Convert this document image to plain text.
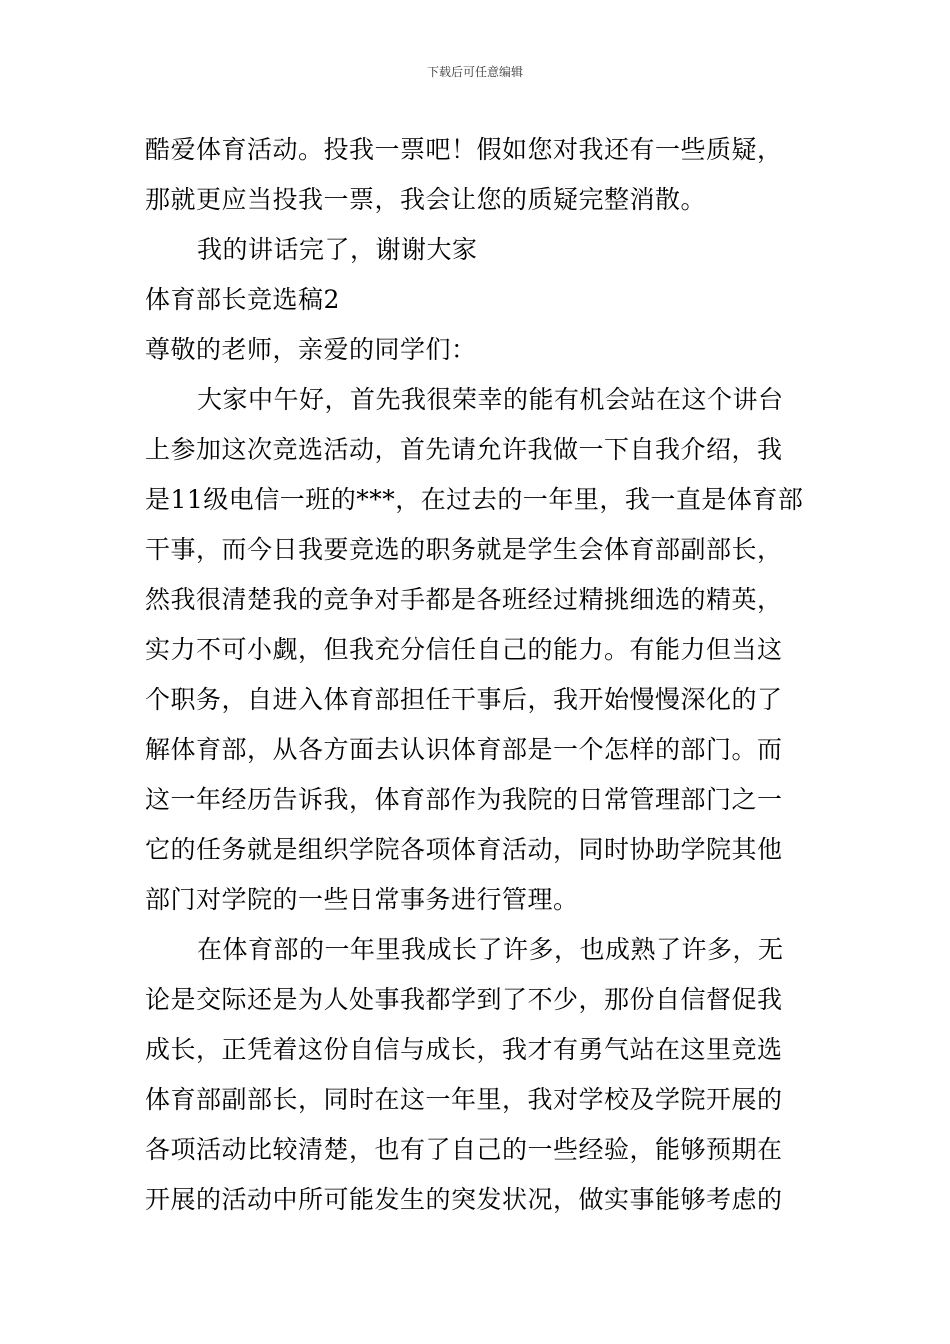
下载后可任意编辑
酷爱体育活动。投我一票吧！假如您对我还有一些质疑，
那就更应当投我一票，我会让您的质疑完整消散。
我的讲话完了，谢谢大家
体育部长竞选稿2
尊敬的老师，亲爱的同学们：
大家中午好，首先我很荣幸的能有机会站在这个讲台
上参加这次竞选活动，首先请允许我做一下自我介绍，我
是11级电信一班的***，在过去的一年里，我一直是体育部
干事，而今日我要竞选的职务就是学生会体育部副部长，
然我很清楚我的竞争对手都是各班经过精挑细选的精英，
实力不可小觑，但我充分信任自己的能力。有能力但当这
个职务，自进入体育部担任干事后，我开始慢慢深化的了
解体育部，从各方面去认识体育部是一个怎样的部门。而
这一年经历告诉我，体育部作为我院的日常管理部门之一
它的任务就是组织学院各项体育活动，同时协助学院其他
部门对学院的一些日常事务进行管理。
在体育部的一年里我成长了许多，也成熟了许多，无
论是交际还是为人处事我都学到了不少，那份自信督促我
成长，正凭着这份自信与成长，我才有勇气站在这里竞选
体育部副部长，同时在这一年里，我对学校及学院开展的
各项活动比较清楚，也有了自己的一些经验，能够预期在
开展的活动中所可能发生的突发状况，做实事能够考虑的
